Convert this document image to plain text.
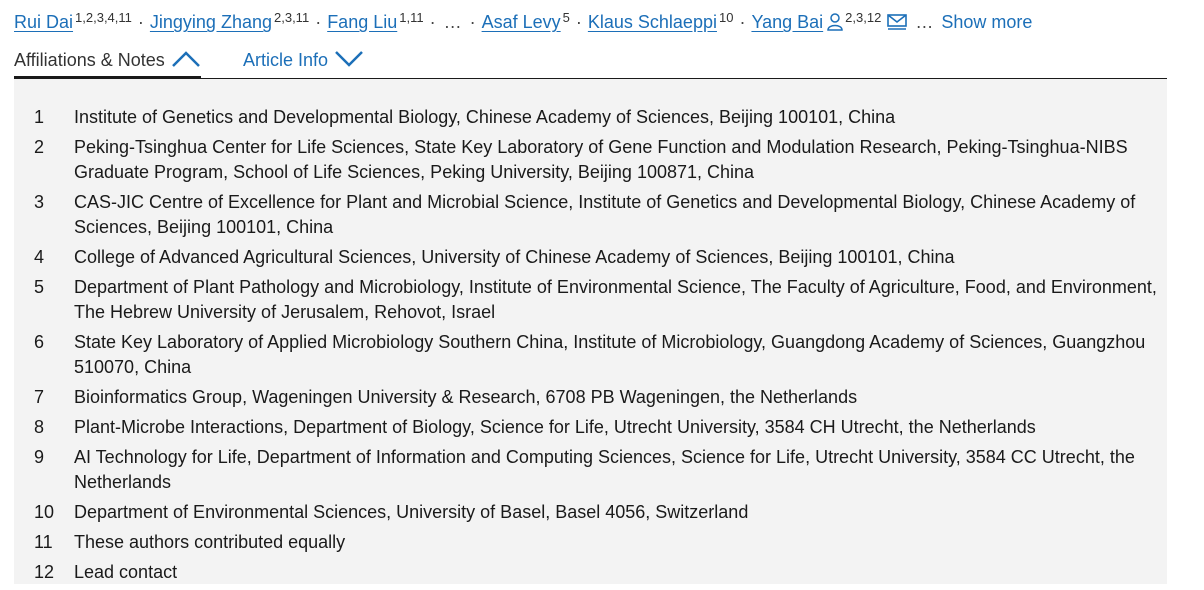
Rui Dai $^{1,2,3,4,11}$ · Jingying Zhang $^{2,3,11}$ · Fang Liu $^{1,11}$ · … · Asaf Levy $^5$ · Klaus Schlaeppi $^{10}$ · Yang Bai $^{2,3,12}$ … Show more
Affiliations & Notes	Article Info
1 Institute of Genetics and Developmental Biology, Chinese Academy of Sciences, Beijing 100101, China
2 Peking-Tsinghua Center for Life Sciences, State Key Laboratory of Gene Function and Modulation Research, Peking-Tsinghua-NIBS Graduate Program, School of Life Sciences, Peking University, Beijing 100871, China
3 CAS-JIC Centre of Excellence for Plant and Microbial Science, Institute of Genetics and Developmental Biology, Chinese Academy of Sciences, Beijing 100101, China
4 College of Advanced Agricultural Sciences, University of Chinese Academy of Sciences, Beijing 100101, China
5 Department of Plant Pathology and Microbiology, Institute of Environmental Science, The Faculty of Agriculture, Food, and Environment, The Hebrew University of Jerusalem, Rehovot, Israel
6 State Key Laboratory of Applied Microbiology Southern China, Institute of Microbiology, Guangdong Academy of Sciences, Guangzhou 510070, China
7 Bioinformatics Group, Wageningen University & Research, 6708 PB Wageningen, the Netherlands
8 Plant-Microbe Interactions, Department of Biology, Science for Life, Utrecht University, 3584 CH Utrecht, the Netherlands
9 AI Technology for Life, Department of Information and Computing Sciences, Science for Life, Utrecht University, 3584 CC Utrecht, the Netherlands
10 Department of Environmental Sciences, University of Basel, Basel 4056, Switzerland
11 These authors contributed equally
12 Lead contact
